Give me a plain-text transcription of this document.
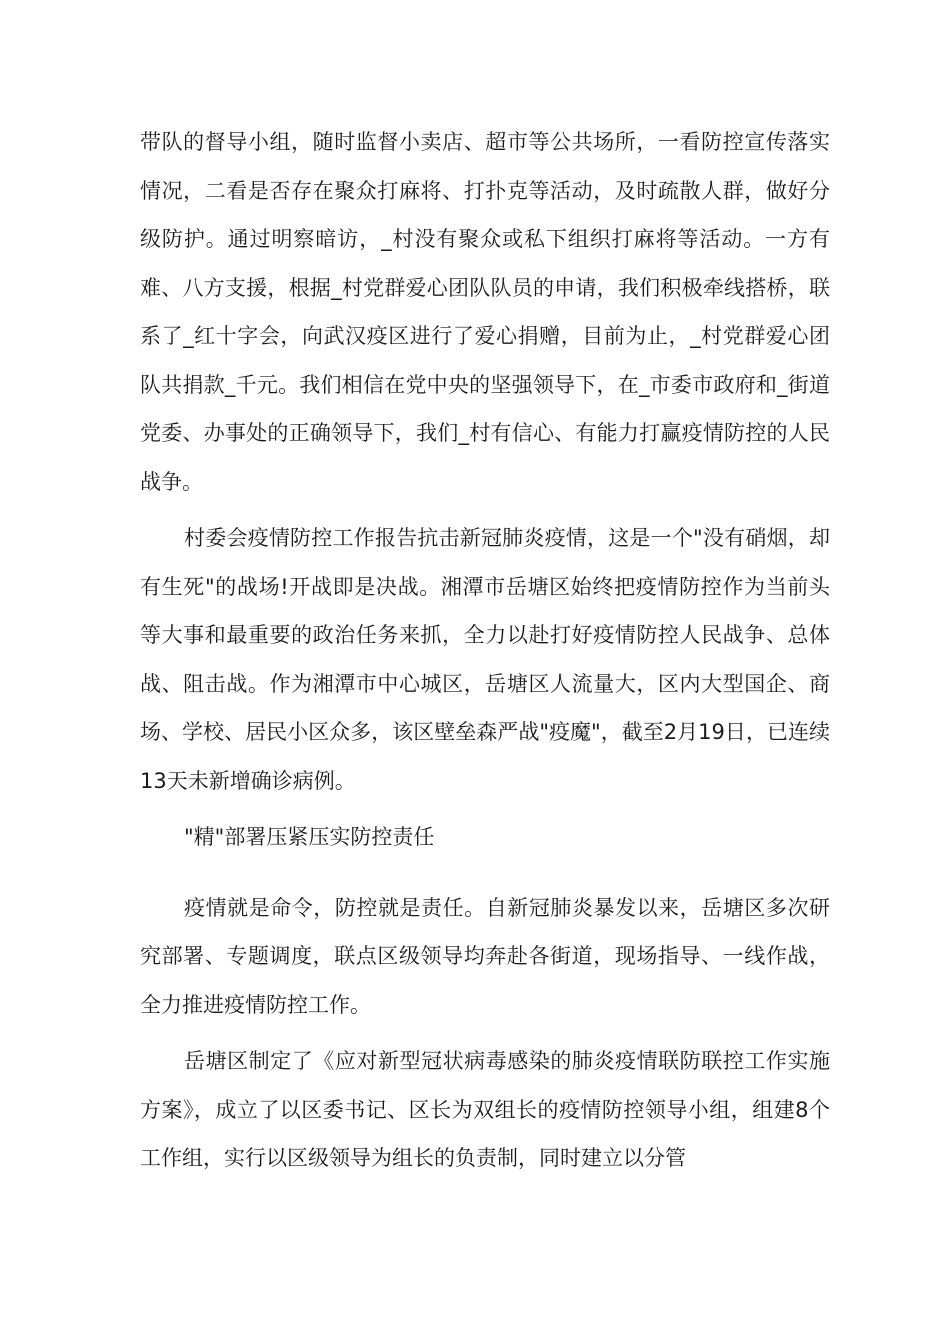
带队的督导小组，随时监督小卖店、超市等公共场所，一看防控宣传落实情况，二看是否存在聚众打麻将、打扑克等活动，及时疏散人群，做好分级防护。通过明察暗访，_村没有聚众或私下组织打麻将等活动。一方有难、八方支援，根据_村党群爱心团队队员的申请，我们积极牵线搭桥，联系了_红十字会，向武汉疫区进行了爱心捐赠，目前为止，_村党群爱心团队共捐款_千元。我们相信在党中央的坚强领导下，在_市委市政府和_街道党委、办事处的正确领导下，我们_村有信心、有能力打赢疫情防控的人民战争。

村委会疫情防控工作报告抗击新冠肺炎疫情，这是一个"没有硝烟，却有生死"的战场!开战即是决战。湘潭市岳塘区始终把疫情防控作为当前头等大事和最重要的政治任务来抓，全力以赴打好疫情防控人民战争、总体战、阻击战。作为湘潭市中心城区，岳塘区人流量大，区内大型国企、商场、学校、居民小区众多，该区壁垒森严战"疫魔"，截至2月19日，已连续13天未新增确诊病例。

"精"部署压紧压实防控责任

疫情就是命令，防控就是责任。自新冠肺炎暴发以来，岳塘区多次研究部署、专题调度，联点区级领导均奔赴各街道，现场指导、一线作战，全力推进疫情防控工作。

岳塘区制定了《应对新型冠状病毒感染的肺炎疫情联防联控工作实施方案》，成立了以区委书记、区长为双组长的疫情防控领导小组，组建8个工作组，实行以区级领导为组长的负责制，同时建立以分管
